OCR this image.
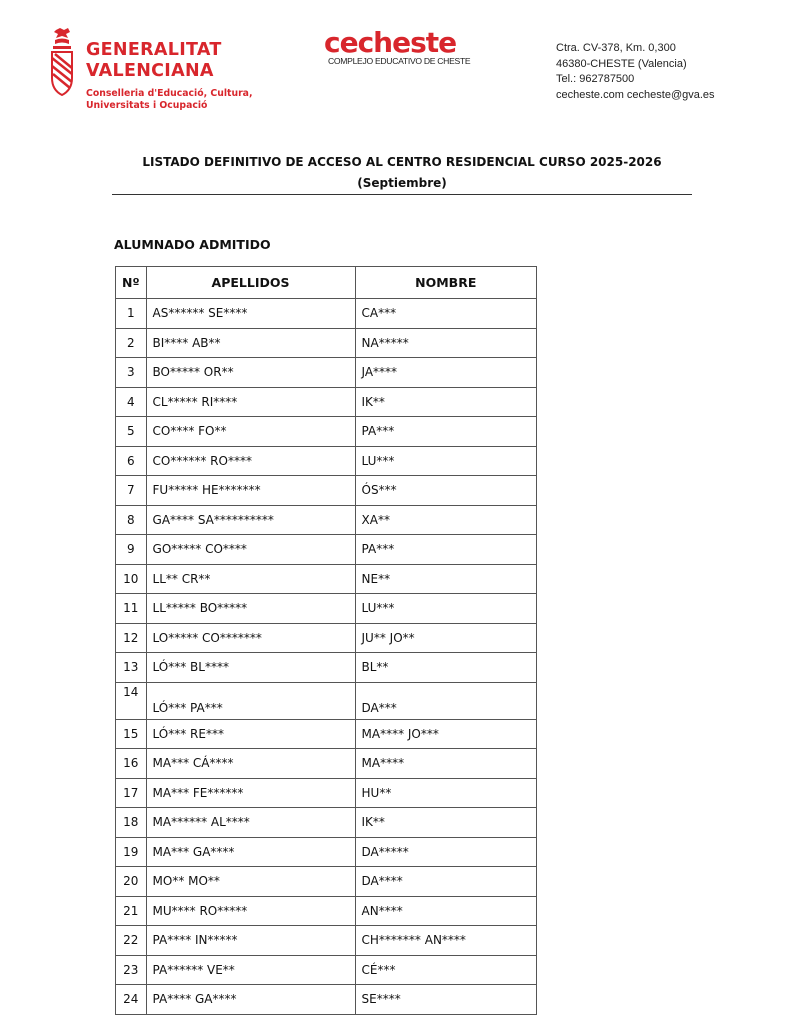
GENERALITAT
VALENCIANA
Conselleria d'Educació, Cultura,
Universitats i Ocupació
cecheste
COMPLEJO EDUCATIVO DE CHESTE
Ctra. CV-378, Km. 0,300
46380-CHESTE (Valencia)
Tel.: 962787500
cecheste.com cecheste@gva.es
LISTADO DEFINITIVO DE ACCESO AL CENTRO RESIDENCIAL CURSO 2025-2026
(Septiembre)
ALUMNADO ADMITIDO
Nº	APELLIDOS	NOMBRE
1	AS****** SE****	CA***
2	BI**** AB**	NA*****
3	BO***** OR**	JA****
4	CL***** RI****	IK**
5	CO**** FO**	PA***
6	CO****** RO****	LU***
7	FU***** HE*******	ÓS***
8	GA**** SA**********	XA**
9	GO***** CO****	PA***
10	LL** CR**	NE**
11	LL***** BO*****	LU***
12	LO***** CO*******	JU** JO**
13	LÓ*** BL****	BL**
14	LÓ*** PA***	DA***
15	LÓ*** RE***	MA**** JO***
16	MA*** CÁ****	MA****
17	MA*** FE******	HU**
18	MA****** AL****	IK**
19	MA*** GA****	DA*****
20	MO** MO**	DA****
21	MU**** RO*****	AN****
22	PA**** IN*****	CH******* AN****
23	PA****** VE**	CÉ***
24	PA**** GA****	SE****
